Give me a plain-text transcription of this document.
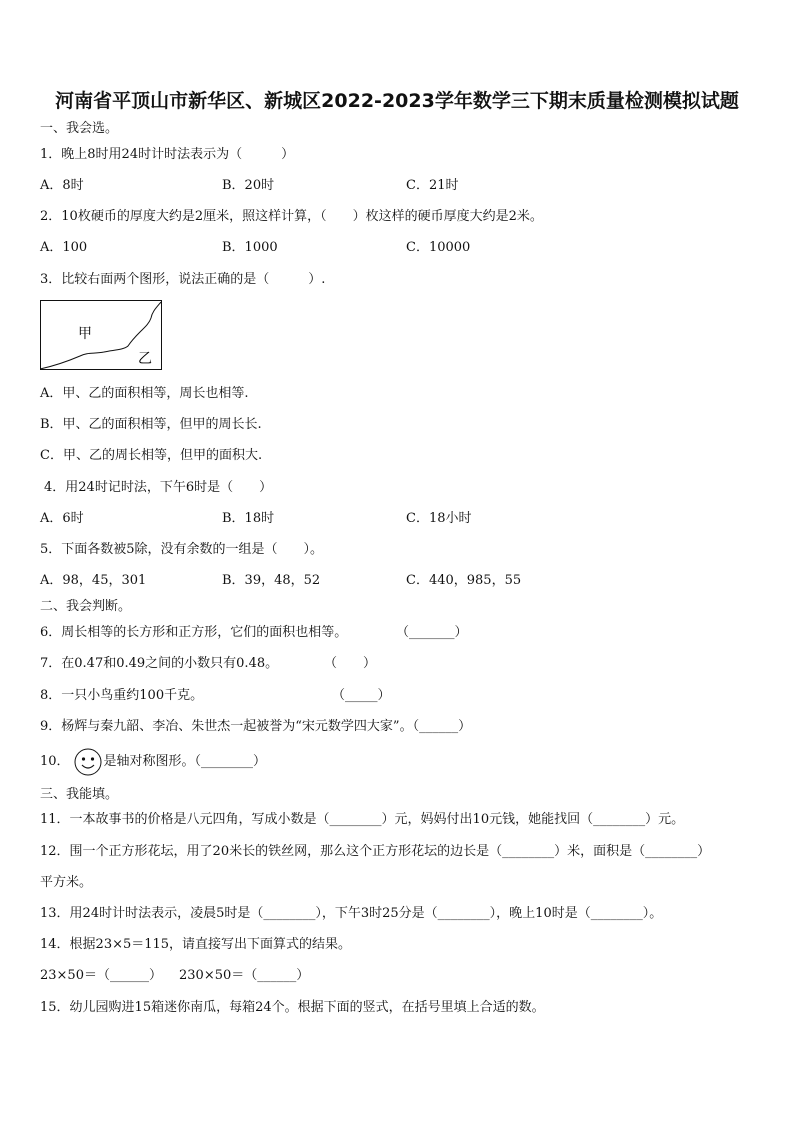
河南省平顶山市新华区、新城区2022-2023学年数学三下期末质量检测模拟试题
一、我会选。
1．晚上8时用24时计时法表示为（　　　）
A．8时	B．20时	C．21时
2．10枚硬币的厚度大约是2厘米，照这样计算，（　　）枚这样的硬币厚度大约是2米。
A．100	B．1000	C．10000
3．比较右面两个图形，说法正确的是（　　　）.
甲
乙
A．甲、乙的面积相等，周长也相等.
B．甲、乙的面积相等，但甲的周长长.
C．甲、乙的周长相等，但甲的面积大.
4．用24时记时法，下午6时是（　　）
A．6时	B．18时	C．18小时
5．下面各数被5除，没有余数的一组是（　　）。
A．98，45，301	B．39，48，52	C．440，985，55
二、我会判断。
6．周长相等的长方形和正方形，它们的面积也相等。	（_______）
7．在0.47和0.49之间的小数只有0.48。	（　　）
8．一只小鸟重约100千克。	（_____）
9．杨辉与秦九韶、李冶、朱世杰一起被誉为“宋元数学四大家”。（______）
10．	是轴对称图形。（________）
三、我能填。
11．一本故事书的价格是八元四角，写成小数是（________）元，妈妈付出10元钱，她能找回（________）元。
12．围一个正方形花坛，用了20米长的铁丝网，那么这个正方形花坛的边长是（________）米，面积是（________）
平方米。
13．用24时计时法表示，凌晨5时是（________），下午3时25分是（________），晚上10时是（________）。
14．根据23×5＝115，请直接写出下面算式的结果。
23×50＝（______） 230×50＝（______）
15．幼儿园购进15箱迷你南瓜，每箱24个。根据下面的竖式，在括号里填上合适的数。
